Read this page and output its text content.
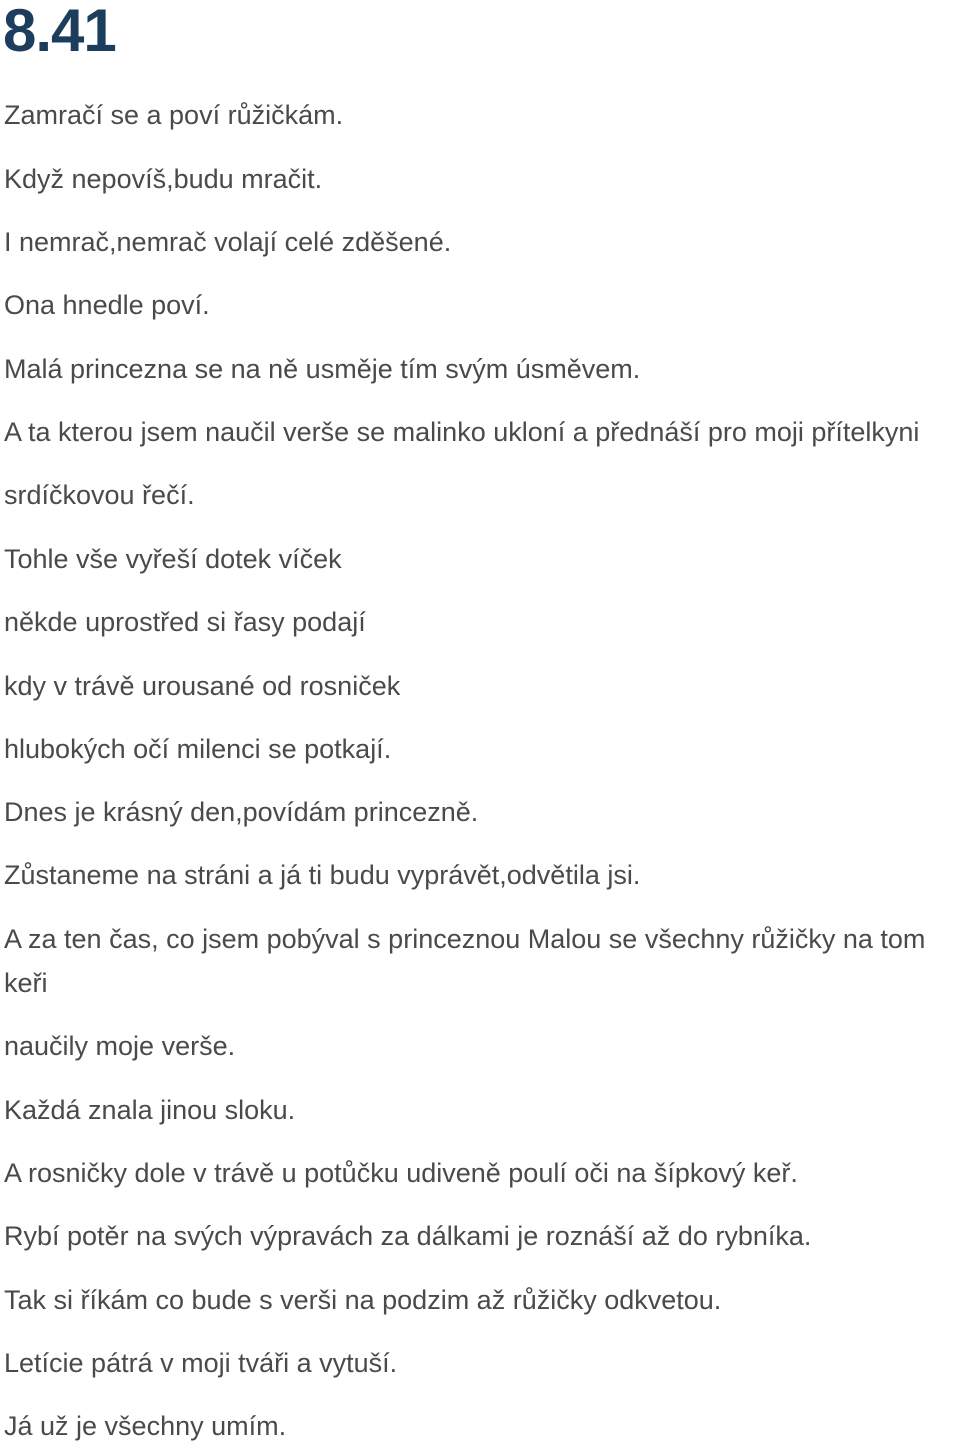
8.41

Zamračí se a poví růžičkám.

Když nepovíš,budu mračit.

I nemrač,nemrač volají celé zděšené.

Ona hnedle poví.

Malá princezna se na ně usměje tím svým úsměvem.

A ta kterou jsem naučil verše se malinko ukloní a přednáší pro moji přítelkyni

srdíčkovou řečí.

Tohle vše vyřeší dotek víček

někde uprostřed si řasy podají

kdy v trávě urousané od rosniček

hlubokých očí milenci se potkají.

Dnes je krásný den,povídám princezně.

Zůstaneme na stráni a já ti budu vyprávět,odvětila jsi.

A za ten čas, co jsem pobýval s princeznou Malou se všechny růžičky na tom keři

naučily moje verše.

Každá znala jinou sloku.

A rosničky dole v trávě u potůčku udiveně poulí oči na šípkový keř.

Rybí potěr na svých výpravách za dálkami je roznáší až do rybníka.

Tak si říkám co bude s verši na podzim až růžičky odkvetou.

Letície pátrá v moji tváři a vytuší.

Já už je všechny umím.
